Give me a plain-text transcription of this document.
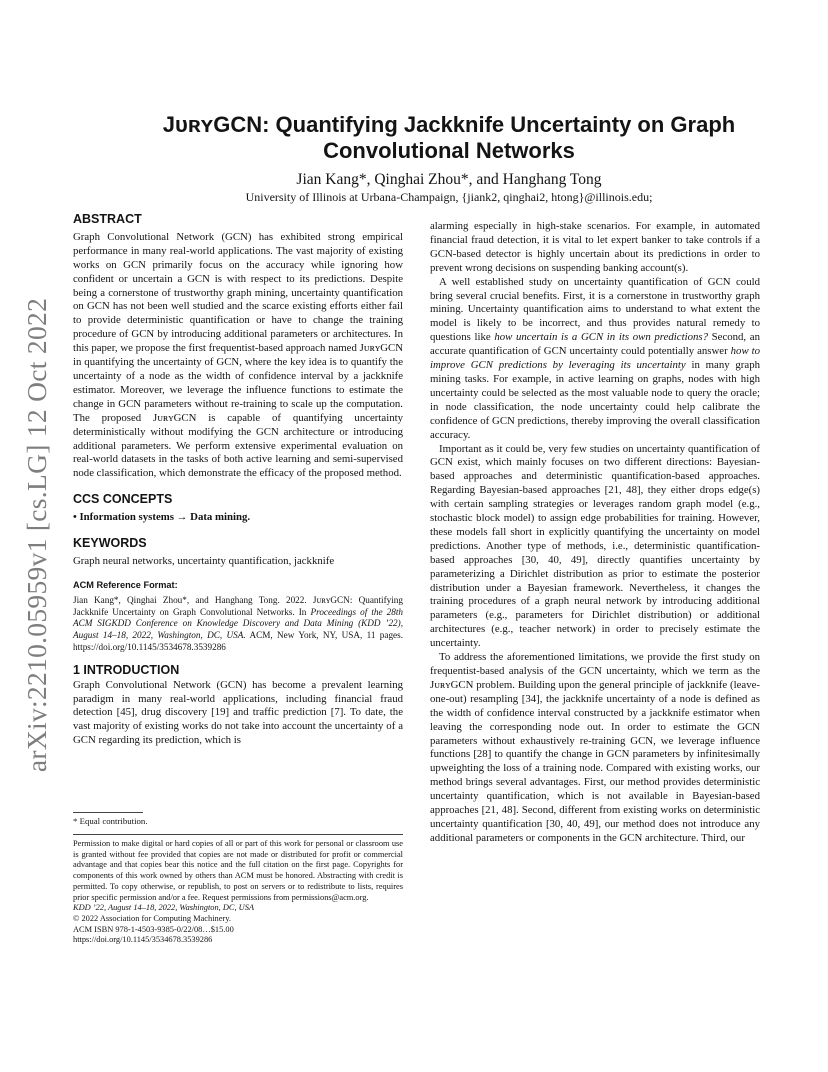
arXiv:2210.05959v1 [cs.LG] 12 Oct 2022
JᴜʀʏGCN: Quantifying Jackknife Uncertainty on Graph
Convolutional Networks
Jian Kang*, Qinghai Zhou*, and Hanghang Tong
University of Illinois at Urbana-Champaign, {jiank2, qinghai2, htong}@illinois.edu;
ABSTRACT

Graph Convolutional Network (GCN) has exhibited strong empirical performance in many real-world applications. The vast majority of existing works on GCN primarily focus on the accuracy while ignoring how confident or uncertain a GCN is with respect to its predictions. Despite being a cornerstone of trustworthy graph mining, uncertainty quantification on GCN has not been well studied and the scarce existing efforts either fail to provide deterministic quantification or have to change the training procedure of GCN by introducing additional parameters or architectures. In this paper, we propose the first frequentist-based approach named JᴜʀʏGCN in quantifying the uncertainty of GCN, where the key idea is to quantify the uncertainty of a node as the width of confidence interval by a jackknife estimator. Moreover, we leverage the influence functions to estimate the change in GCN parameters without re-training to scale up the computation. The proposed JᴜʀʏGCN is capable of quantifying uncertainty deterministically without modifying the GCN architecture or introducing additional parameters. We perform extensive experimental evaluation on real-world datasets in the tasks of both active learning and semi-supervised node classification, which demonstrate the efficacy of the proposed method.

CCS CONCEPTS

• Information systems → Data mining.

KEYWORDS

Graph neural networks, uncertainty quantification, jackknife

ACM Reference Format:

Jian Kang*, Qinghai Zhou*, and Hanghang Tong. 2022. JᴜʀʏGCN: Quantifying Jackknife Uncertainty on Graph Convolutional Networks. In Proceedings of the 28th ACM SIGKDD Conference on Knowledge Discovery and Data Mining (KDD ’22), August 14–18, 2022, Washington, DC, USA. ACM, New York, NY, USA, 11 pages. https://doi.org/10.1145/3534678.3539286

1 INTRODUCTION

Graph Convolutional Network (GCN) has become a prevalent learning paradigm in many real-world applications, including financial fraud detection [45], drug discovery [19] and traffic prediction [7]. To date, the vast majority of existing works do not take into account the uncertainty of a GCN regarding its prediction, which is

* Equal contribution.

Permission to make digital or hard copies of all or part of this work for personal or classroom use is granted without fee provided that copies are not made or distributed for profit or commercial advantage and that copies bear this notice and the full citation on the first page. Copyrights for components of this work owned by others than ACM must be honored. Abstracting with credit is permitted. To copy otherwise, or republish, to post on servers or to redistribute to lists, requires prior specific permission and/or a fee. Request permissions from permissions@acm.org.

KDD ’22, August 14–18, 2022, Washington, DC, USA
© 2022 Association for Computing Machinery.
ACM ISBN 978-1-4503-9385-0/22/08…$15.00
https://doi.org/10.1145/3534678.3539286

alarming especially in high-stake scenarios. For example, in automated financial fraud detection, it is vital to let expert banker to take controls if a GCN-based detector is highly uncertain about its predictions in order to prevent wrong decisions on suspending banking account(s).

A well established study on uncertainty quantification of GCN could bring several crucial benefits. First, it is a cornerstone in trustworthy graph mining. Uncertainty quantification aims to understand to what extent the model is likely to be incorrect, and thus provides natural remedy to questions like how uncertain is a GCN in its own predictions? Second, an accurate quantification of GCN uncertainty could potentially answer how to improve GCN predictions by leveraging its uncertainty in many graph mining tasks. For example, in active learning on graphs, nodes with high uncertainty could be selected as the most valuable node to query the oracle; in node classification, the node uncertainty could help calibrate the confidence of GCN predictions, thereby improving the overall classification accuracy.

Important as it could be, very few studies on uncertainty quantification of GCN exist, which mainly focuses on two different directions: Bayesian-based approaches and deterministic quantification-based approaches. Regarding Bayesian-based approaches [21, 48], they either drops edge(s) with certain sampling strategies or leverages random graph model (e.g., stochastic block model) to assign edge probabilities for training. However, these models fall short in explicitly quantifying the uncertainty on model predictions. Another type of methods, i.e., deterministic quantification-based approaches [30, 40, 49], directly quantifies uncertainty by parameterizing a Dirichlet distribution as prior to estimate the posterior distribution under a Bayesian framework. Nevertheless, it changes the training procedures of a graph neural network by introducing additional parameters (e.g., parameters for Dirichlet distribution) or additional architectures (e.g., teacher network) in order to precisely estimate the uncertainty.

To address the aforementioned limitations, we provide the first study on frequentist-based analysis of the GCN uncertainty, which we term as the JᴜʀʏGCN problem. Building upon the general principle of jackknife (leave-one-out) resampling [34], the jackknife uncertainty of a node is defined as the width of confidence interval constructed by a jackknife estimator when leaving the corresponding node out. In order to estimate the GCN parameters without exhaustively re-training GCN, we leverage influence functions [28] to quantify the change in GCN parameters by infinitesimally upweighting the loss of a training node. Compared with existing works, our method brings several advantages. First, our method provides deterministic uncertainty quantification, which is not available in Bayesian-based approaches [21, 48]. Second, different from existing works on deterministic uncertainty quantification [30, 40, 49], our method does not introduce any additional parameters or components in the GCN architecture. Third, our
